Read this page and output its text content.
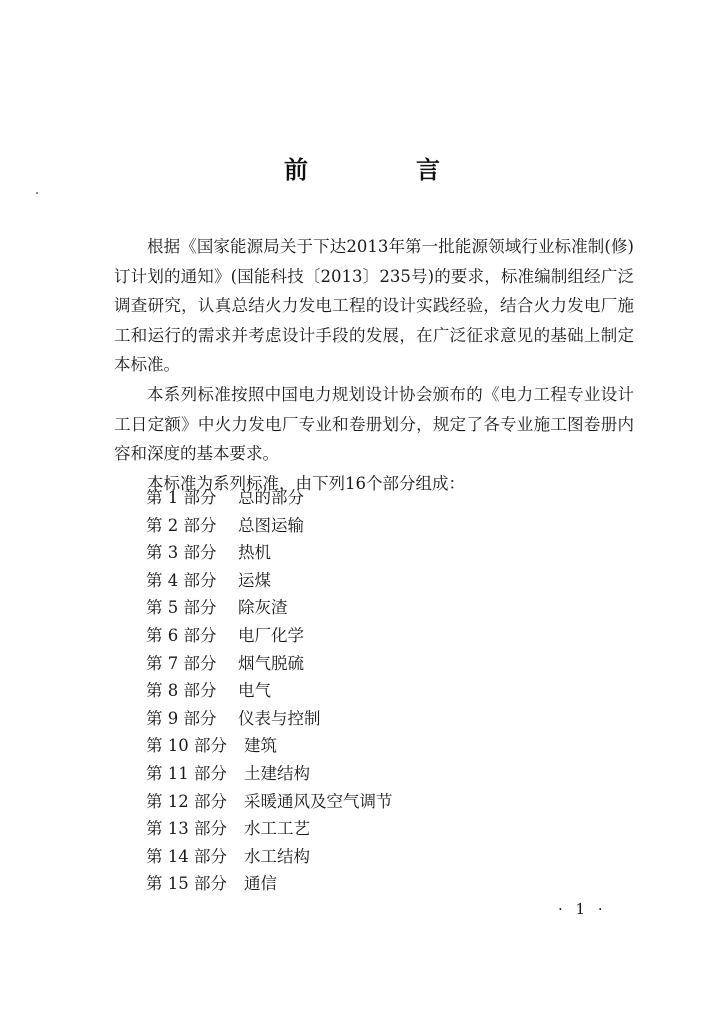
前　言

根据《国家能源局关于下达2013年第一批能源领域行业标准制(修)订计划的通知》(国能科技〔2013〕235号)的要求，标准编制组经广泛调查研究，认真总结火力发电工程的设计实践经验，结合火力发电厂施工和运行的需求并考虑设计手段的发展，在广泛征求意见的基础上制定本标准。

本系列标准按照中国电力规划设计协会颁布的《电力工程专业设计工日定额》中火力发电厂专业和卷册划分，规定了各专业施工图卷册内容和深度的基本要求。

本标准为系列标准，由下列16个部分组成：

第 1 部分	总的部分
第 2 部分	总图运输
第 3 部分	热机
第 4 部分	运煤
第 5 部分	除灰渣
第 6 部分	电厂化学
第 7 部分	烟气脱硫
第 8 部分	电气
第 9 部分	仪表与控制
第 10 部分	建筑
第 11 部分	土建结构
第 12 部分	采暖通风及空气调节
第 13 部分	水工工艺
第 14 部分	水工结构
第 15 部分	通信
· 1 ·
